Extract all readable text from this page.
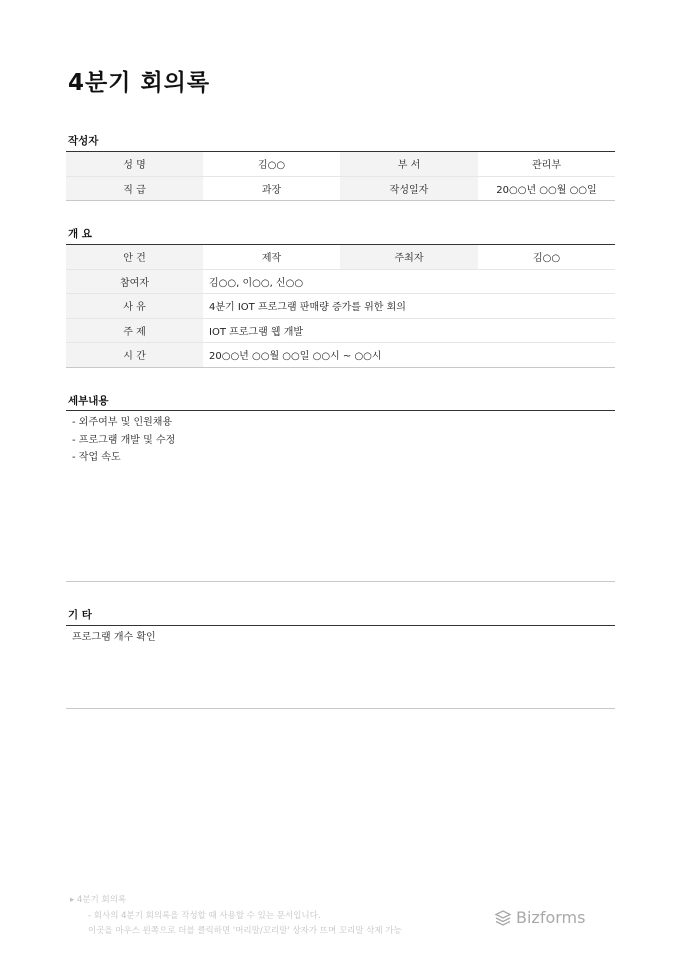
4분기 회의록
작성자
성 명	김○○	부 서	관리부
직 급	과장	작성일자	20○○년 ○○월 ○○일
개 요
안 건	제작	주최자	김○○
참여자	김○○, 이○○, 신○○		
사 유	4분기 IOT 프로그램 판매량 증가를 위한 회의		
주 제	IOT 프로그램 웹 개발		
시 간	20○○년 ○○월 ○○일 ○○시 ~ ○○시		
세부내용
- 외주여부 및 인원채용
- 프로그램 개발 및 수정
- 작업 속도
기 타
프로그램 개수 확인
▸ 4분기 회의록
- 회사의 4분기 회의록을 작성할 때 사용할 수 있는 문서입니다.
이곳을 마우스 왼쪽으로 더블 클릭하면 '머리말/꼬리말' 상자가 뜨며 꼬리말 삭제 가능
Bizforms
